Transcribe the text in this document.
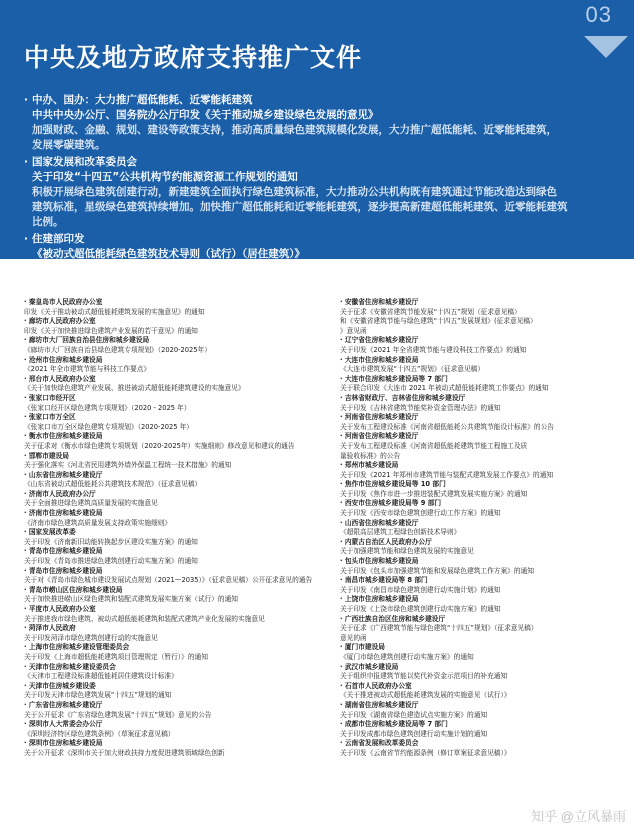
03
中央及地方政府支持推广文件
· 中办、国办：大力推广超低能耗、近零能耗建筑
中共中央办公厅、国务院办公厅印发《关于推动城乡建设绿色发展的意见》
加强财政、金融、规划、建设等政策支持，推动高质量绿色建筑规模化发展，大力推广超低能耗、近零能耗建筑，
发展零碳建筑。
· 国家发展和改革委员会
关于印发“十四五”公共机构节约能源资源工作规划的通知
积极开展绿色建筑创建行动，新建建筑全面执行绿色建筑标准，大力推动公共机构既有建筑通过节能改造达到绿色
建筑标准，星级绿色建筑持续增加。加快推广超低能耗和近零能耗建筑，逐步提高新建超低能耗建筑、近零能耗建筑
比例。
· 住建部印发
《被动式超低能耗绿色建筑技术导则（试行）（居住建筑）》
· 秦皇岛市人民政府办公室
印发《关于推动被动式超低能耗建筑发展的实施意见》的通知
· 廊坊市人民政府办公室
印发《关于加快推进绿色建筑产业发展的若干意见》的通知
· 廊坊市大厂回族自治县住房和城乡建设局
《廊坊市大厂回族自治县绿色建筑专项规划》（2020-2025年）
· 沧州市住房和城乡建设局
《2021 年全市建筑节能与科技工作要点》
· 邢台市人民政府办公室
《关于加快绿色建筑产业发展、推进被动式超低能耗建筑建设的实施意见》
· 张家口市经开区
《张家口经开区绿色建筑专项规划》（2020 - 2025 年）
· 张家口市万全区
《张家口市万全区绿色建筑专项规划》（2020-2025 年）
· 衡水市住房和城乡建设局
关于征求对《衡水市绿色建筑专项规划（2020-2025年）实施细则》修改意见和建议的通告
· 邯郸市建设局
关于强化落实《河北省民用建筑外墙外保温工程统一技术措施》的通知
· 山东省住房和城乡建设厅
《山东省被动式超低能耗公共建筑技术规范》（征求意见稿）
· 济南市人民政府办公厅
关于全面推进绿色建筑高质量发展的实施意见
· 济南市住房和城乡建设局
《济南市绿色建筑高质量发展支持政策实施细则》
· 国家发展改革委
关于印发《济南新旧动能转换起步区建设实施方案》的通知
· 青岛市住房和城乡建设局
关于印发《青岛市推进绿色建筑创建行动实施方案》的通知
· 青岛市住房和城乡建设局
关于对《青岛市绿色城市建设发展试点规划（2021—2035）》（征求意见稿）公开征求意见的通告
· 青岛市崂山区住房和城乡建设局
关于加快推进崂山区绿色建筑和装配式建筑发展实施方案（试行）的通知
· 平度市人民政府办公室
关于推进我市绿色建筑、被动式超低能耗建筑和装配式建筑产业化发展的实施意见
· 菏泽市人民政府
关于印发菏泽市绿色建筑创建行动的实施意见
· 上海市住房和城乡建设管理委员会
关于印发《上海市超低能耗建筑项目管理规定（暂行）》的通知
· 天津市住房和城乡建设委员会
《天津市工程建设标准超低能耗居住建筑设计标准》
· 天津市住房城乡建设委
关于印发天津市绿色建筑发展“十四五”规划的通知
· 广东省住房和城乡建设厅
关于公开征求《广东省绿色建筑发展“十四五”规划》意见的公告
· 深圳市人大常委会办公厅
《深圳经济特区绿色建筑条例》（草案征求意见稿）
· 深圳市住房和城乡建设局
关于公开征求《深圳市关于加大财政扶持力度促进建筑领域绿色创新
· 安徽省住房和城乡建设厅
关于征求《安徽省建筑节能发展“十四五”规划（征求意见稿）
和《安徽省建筑节能与绿色建筑“十四五”发展规划》(征求意见稿）
》意见函
· 辽宁省住房和城乡建设厅
关于印发《2021 年全省建筑节能与建设科技工作要点》的通知
· 大连市住房和城乡建设局
《大连市建筑发展“十四五”规划》（征求意见稿）
· 大连市住房和城乡建设局等 7 部门
关于联合印发《大连市 2021 年被动式超低能耗建筑工作要点》的通知
· 吉林省财政厅、吉林省住房和城乡建设厅
关于印发《吉林省建筑节能奖补资金管理办法》的通知
· 河南省住房和城乡建设厅
关于发布工程建设标准《河南省超低能耗公共建筑节能设计标准》的公告
· 河南省住房和城乡建设厅
关于发布工程建设标准《河南省超低能耗建筑节能工程施工及质
量验收标准》的公告
· 郑州市城乡建设局
关于印发《2021 年郑州市建筑节能与装配式建筑发展工作要点》的通知
· 焦作市住房城乡建设局等 10 部门
关于印发《焦作市进一步推进装配式建筑发展实施方案》的通知
· 西安市住房城乡建设局等 9 部门
关于印发《西安市绿色建筑创建行动工作方案》的通知
· 山西省住房和城乡建设厅
《超限高层建筑工程绿色创新技术导则》
· 内蒙古自治区人民政府办公厅
关于加强建筑节能和绿色建筑发展的实施意见
· 包头市住房和城乡建设局
关于印发《包头市加强建筑节能和发展绿色建筑工作方案》的通知
· 南昌市城乡建设局等 8 部门
关于印发《南昌市绿色建筑创建行动实施计划》的通知
· 上饶市住房和城乡建设局
关于印发《上饶市绿色建筑创建行动实施方案》的通知
· 广西壮族自治区住房和城乡建设厅
关于征求《广西建筑节能与绿色建筑“十四五”规划》（征求意见稿）
意见的函
· 厦门市建设局
《厦门市绿色建筑创建行动实施方案》的通知
· 武汉市城乡建设局
关于组织申报建筑节能以奖代补资金示范项目的补充通知
· 石首市人民政府办公室
《关于推进被动式超低能耗建筑发展的实施意见（试行）》
· 湖南省住房和城乡建设厅
关于印发《湖南省绿色建造试点实施方案》的通知
· 成都市住房和城乡建设局等 7 部门
关于印发成都市绿色建筑创建行动实施计划的通知
· 云南省发展和改革委员会
关于印发《云南省节约能源条例（修订草案征求意见稿）》
知乎 @立风暴雨
